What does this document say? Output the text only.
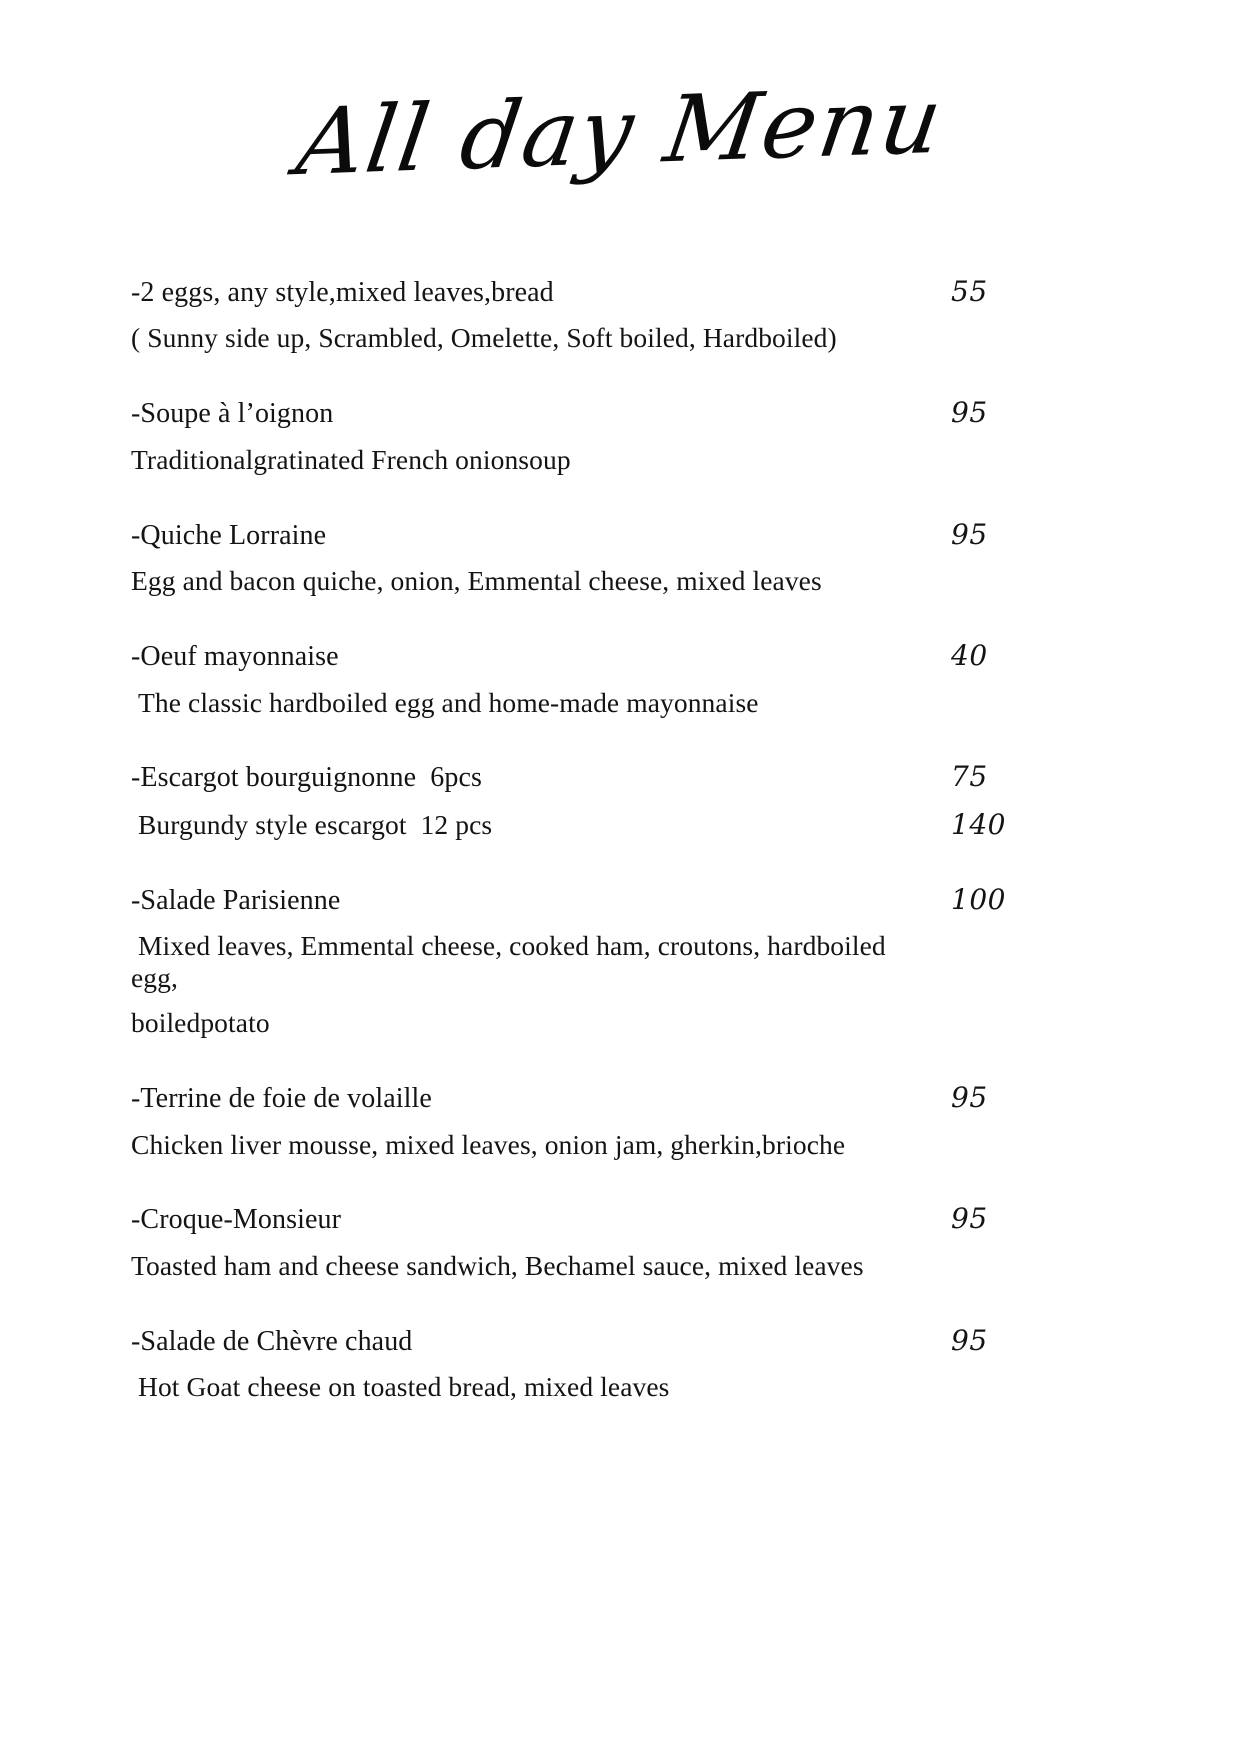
All day Menu
-2 eggs, any style,mixed leaves,bread	55
( Sunny side up, Scrambled, Omelette, Soft boiled, Hardboiled)
-Soupe à l’oignon	95
Traditionalgratinated French onionsoup
-Quiche Lorraine	95
Egg and bacon quiche, onion, Emmental cheese, mixed leaves
-Oeuf mayonnaise	40
The classic hardboiled egg and home-made mayonnaise
-Escargot bourguignonne  6pcs	75
Burgundy style escargot  12 pcs	140
-Salade Parisienne	100
Mixed leaves, Emmental cheese, cooked ham, croutons, hardboiled egg,
boiledpotato
-Terrine de foie de volaille	95
Chicken liver mousse, mixed leaves, onion jam, gherkin,brioche
-Croque-Monsieur	95
Toasted ham and cheese sandwich, Bechamel sauce, mixed leaves
-Salade de Chèvre chaud	95
Hot Goat cheese on toasted bread, mixed leaves
